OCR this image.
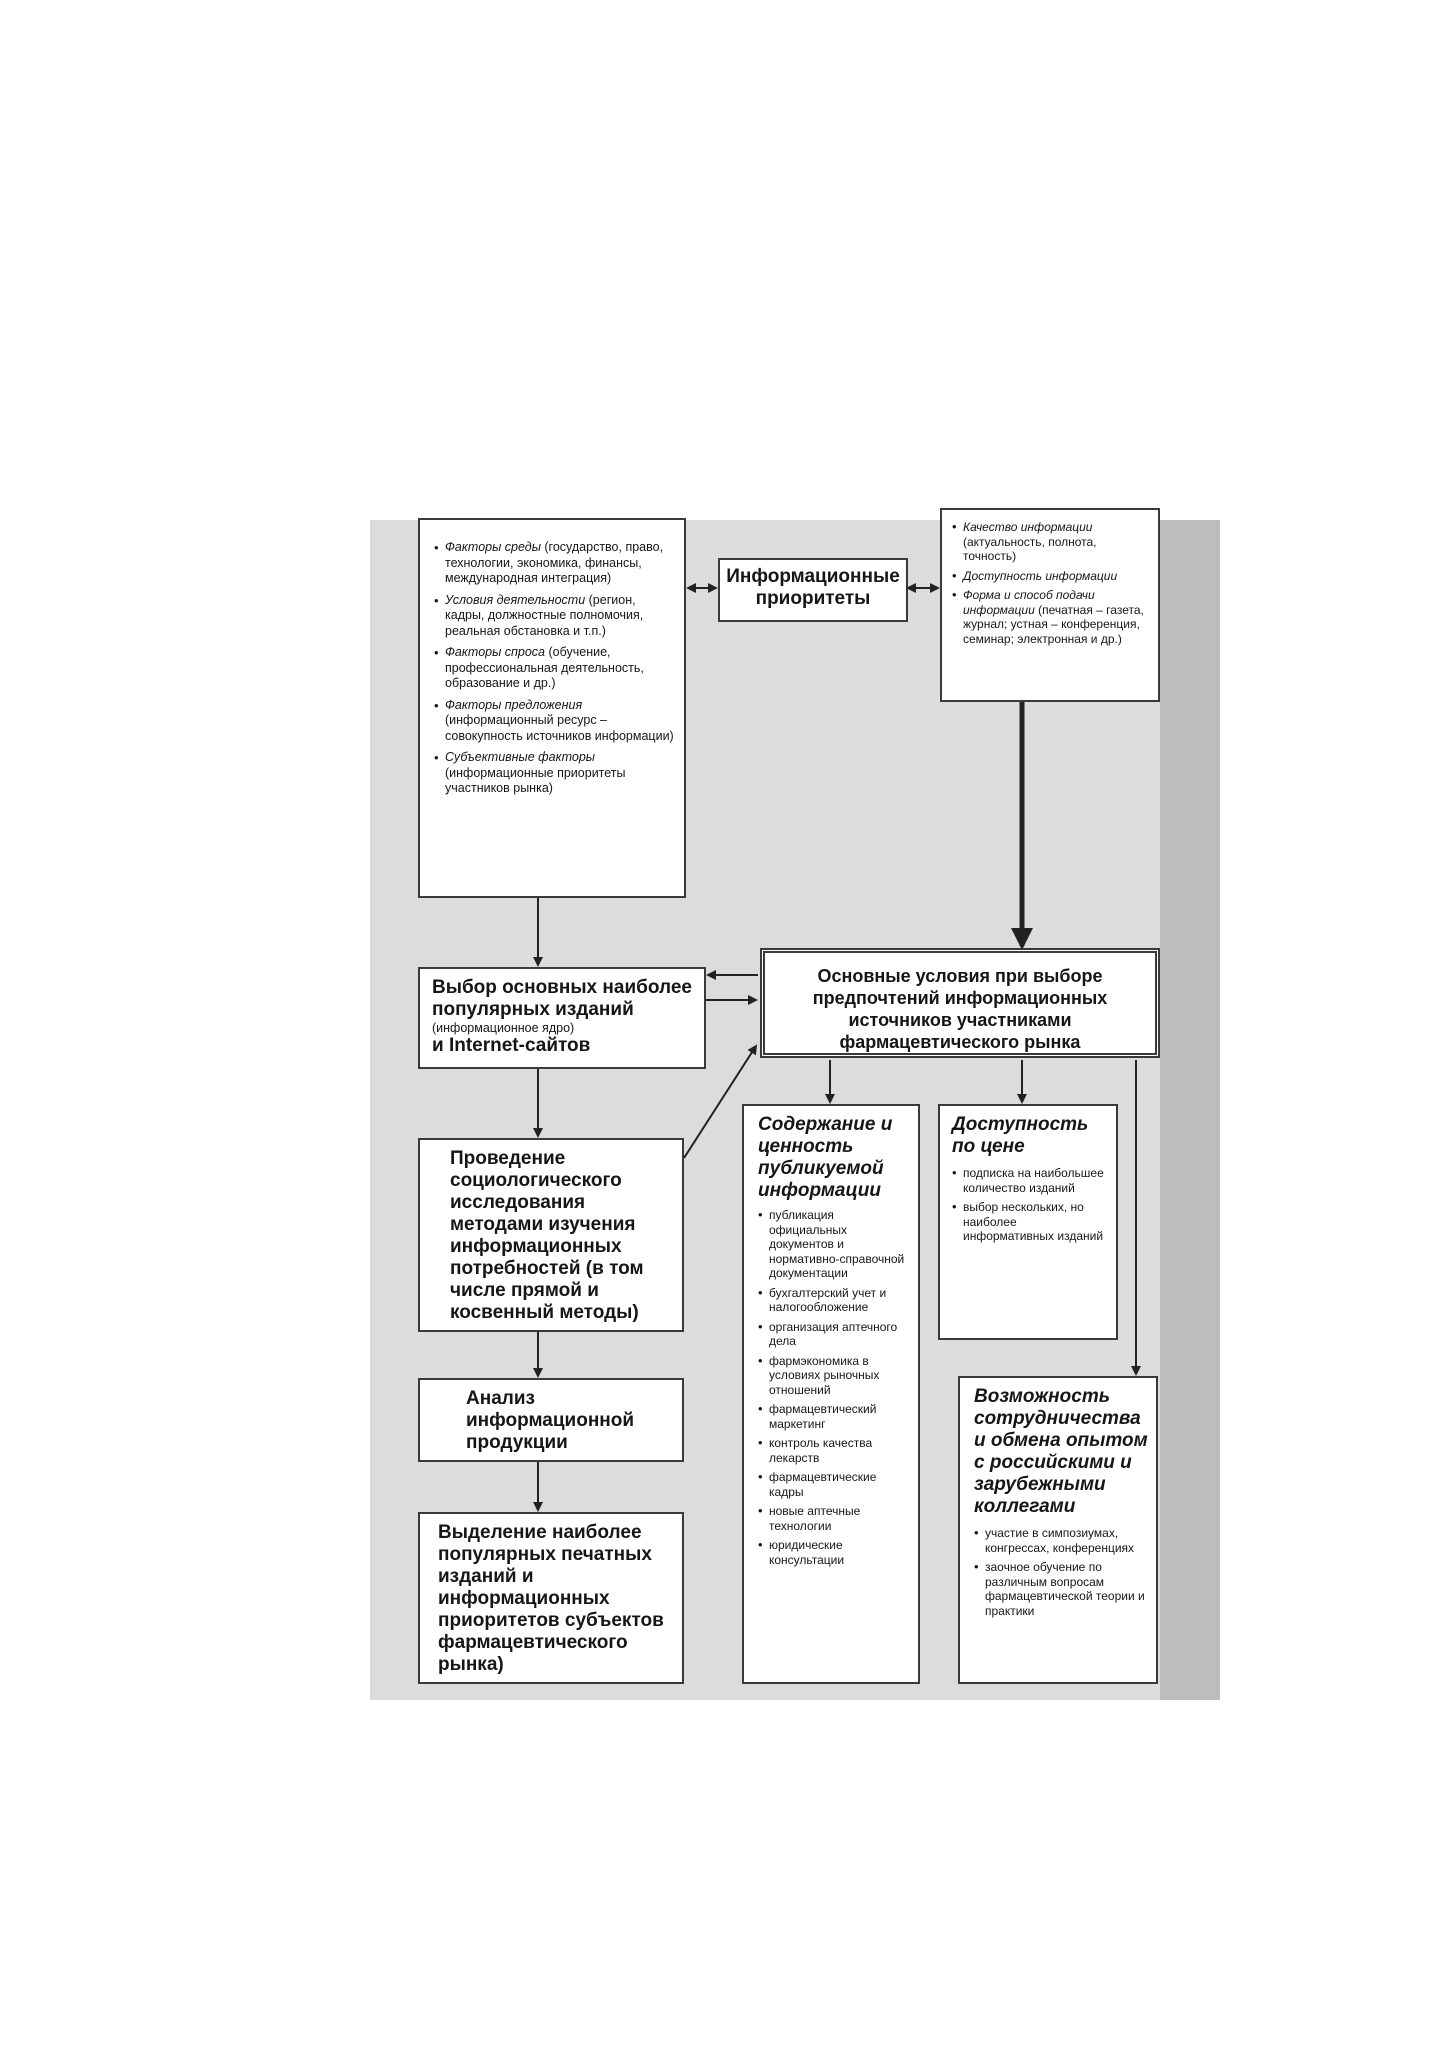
• Факторы среды (государство, право, технологии, экономика, финансы, международная интеграция)
• Условия деятельности (регион, кадры, должностные полномочия, реальная обстановка и т.п.)
• Факторы спроса (обучение, профессиональная деятельность, образование и др.)
• Факторы предложения (информационный ресурс – совокупность источников информации)
• Субъективные факторы (информационные приоритеты участников рынка)
Информационные приоритеты
• Качество информации (актуальность, полнота, точность)
• Доступность информации
• Форма и способ подачи информации (печатная – газета, журнал; устная – конференция, семинар; электронная и др.)
Основные условия при выборе предпочтений информационных источников участниками фармацевтического рынка
Выбор основных наиболее популярных изданий
(информационное ядро)
и Internet-сайтов
Проведение социологического исследования методами изучения информационных потребностей (в том числе прямой и косвенный методы)
Анализ информационной продукции
Выделение наиболее популярных печатных изданий и информационных приоритетов субъектов фармацевтического рынка)
Содержание и ценность публикуемой информации
• публикация официальных документов и нормативно-справочной документации
• бухгалтерский учет и налогообложение
• организация аптечного дела
• фармэкономика в условиях рыночных отношений
• фармацевтический маркетинг
• контроль качества лекарств
• фармацевтические кадры
• новые аптечные технологии
• юридические консультации
Доступность по цене
• подписка на наибольшее количество изданий
• выбор нескольких, но наиболее информативных изданий
Возможность сотрудничества и обмена опытом с российскими и зарубежными коллегами
• участие в симпозиумах, конгрессах, конференциях
• заочное обучение по различным вопросам фармацевтической теории и практики
